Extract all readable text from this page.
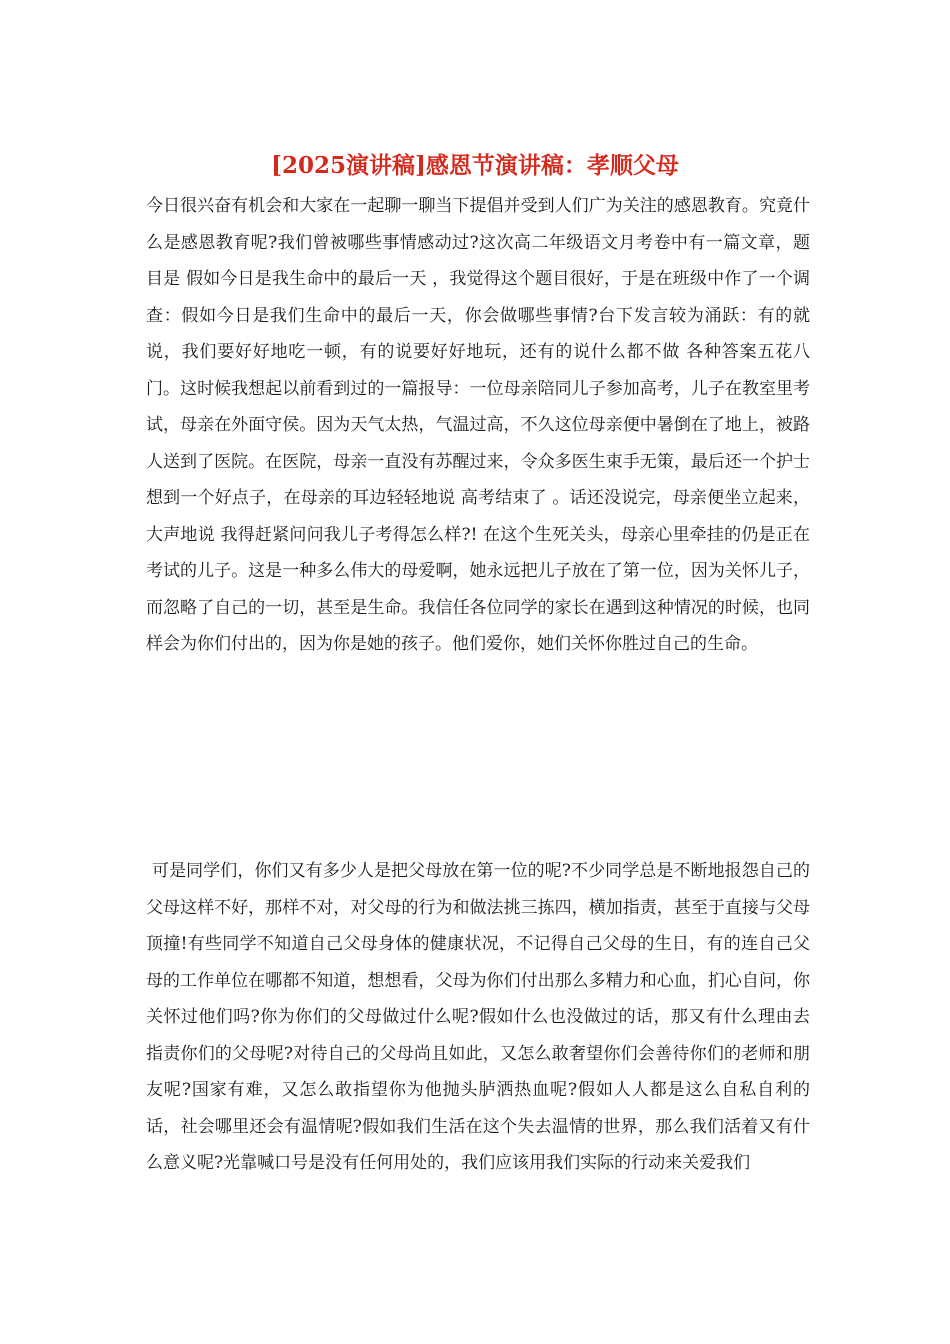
[2025演讲稿]感恩节演讲稿：孝顺父母

今日很兴奋有机会和大家在一起聊一聊当下提倡并受到人们广为关注的感恩教育。究竟什么是感恩教育呢?我们曾被哪些事情感动过?这次高二年级语文月考卷中有一篇文章，题目是 假如今日是我生命中的最后一天 ，我觉得这个题目很好，于是在班级中作了一个调查：假如今日是我们生命中的最后一天，你会做哪些事情?台下发言较为涌跃：有的就说，我们要好好地吃一顿，有的说要好好地玩，还有的说什么都不做 各种答案五花八门。这时候我想起以前看到过的一篇报导：一位母亲陪同儿子参加高考，儿子在教室里考试，母亲在外面守侯。因为天气太热，气温过高，不久这位母亲便中暑倒在了地上，被路人送到了医院。在医院，母亲一直没有苏醒过来，令众多医生束手无策，最后还一个护士想到一个好点子，在母亲的耳边轻轻地说 高考结束了 。话还没说完，母亲便坐立起来，大声地说 我得赶紧问问我儿子考得怎么样?! 在这个生死关头，母亲心里牵挂的仍是正在考试的儿子。这是一种多么伟大的母爱啊，她永远把儿子放在了第一位，因为关怀儿子，而忽略了自己的一切，甚至是生命。我信任各位同学的家长在遇到这种情况的时候，也同样会为你们付出的，因为你是她的孩子。他们爱你，她们关怀你胜过自己的生命。

可是同学们，你们又有多少人是把父母放在第一位的呢?不少同学总是不断地报怨自己的父母这样不好，那样不对，对父母的行为和做法挑三拣四，横加指责，甚至于直接与父母顶撞!有些同学不知道自己父母身体的健康状况，不记得自己父母的生日，有的连自己父母的工作单位在哪都不知道，想想看，父母为你们付出那么多精力和心血，扪心自问，你关怀过他们吗?你为你们的父母做过什么呢?假如什么也没做过的话，那又有什么理由去指责你们的父母呢?对待自己的父母尚且如此，又怎么敢奢望你们会善待你们的老师和朋友呢?国家有难，又怎么敢指望你为他抛头胪洒热血呢?假如人人都是这么自私自利的话，社会哪里还会有温情呢?假如我们生活在这个失去温情的世界，那么我们活着又有什么意义呢?光靠喊口号是没有任何用处的，我们应该用我们实际的行动来关爱我们
